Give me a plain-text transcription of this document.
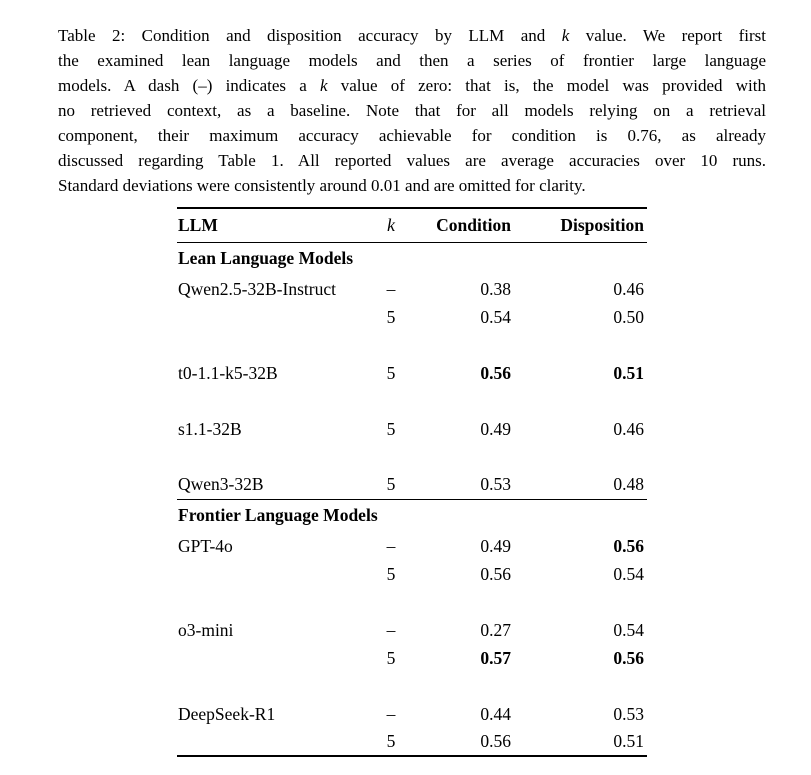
Table 2: Condition and disposition accuracy by LLM and k value. We report first
the examined lean language models and then a series of frontier large language
models. A dash (–) indicates a k value of zero: that is, the model was provided with
no retrieved context, as a baseline. Note that for all models relying on a retrieval
component, their maximum accuracy achievable for condition is 0.76, as already
discussed regarding Table 1. All reported values are average accuracies over 10 runs.
Standard deviations were consistently around 0.01 and are omitted for clarity.
LLM	k	Condition	Disposition
Lean Language Models			
Qwen2.5-32B-Instruct	–	0.38	0.46
	5	0.54	0.50

t0-1.1-k5-32B	5	0.56	0.51

s1.1-32B	5	0.49	0.46

Qwen3-32B	5	0.53	0.48
Frontier Language Models			
GPT-4o	–	0.49	0.56
	5	0.56	0.54

o3-mini	–	0.27	0.54
	5	0.57	0.56

DeepSeek-R1	–	0.44	0.53
	5	0.56	0.51
